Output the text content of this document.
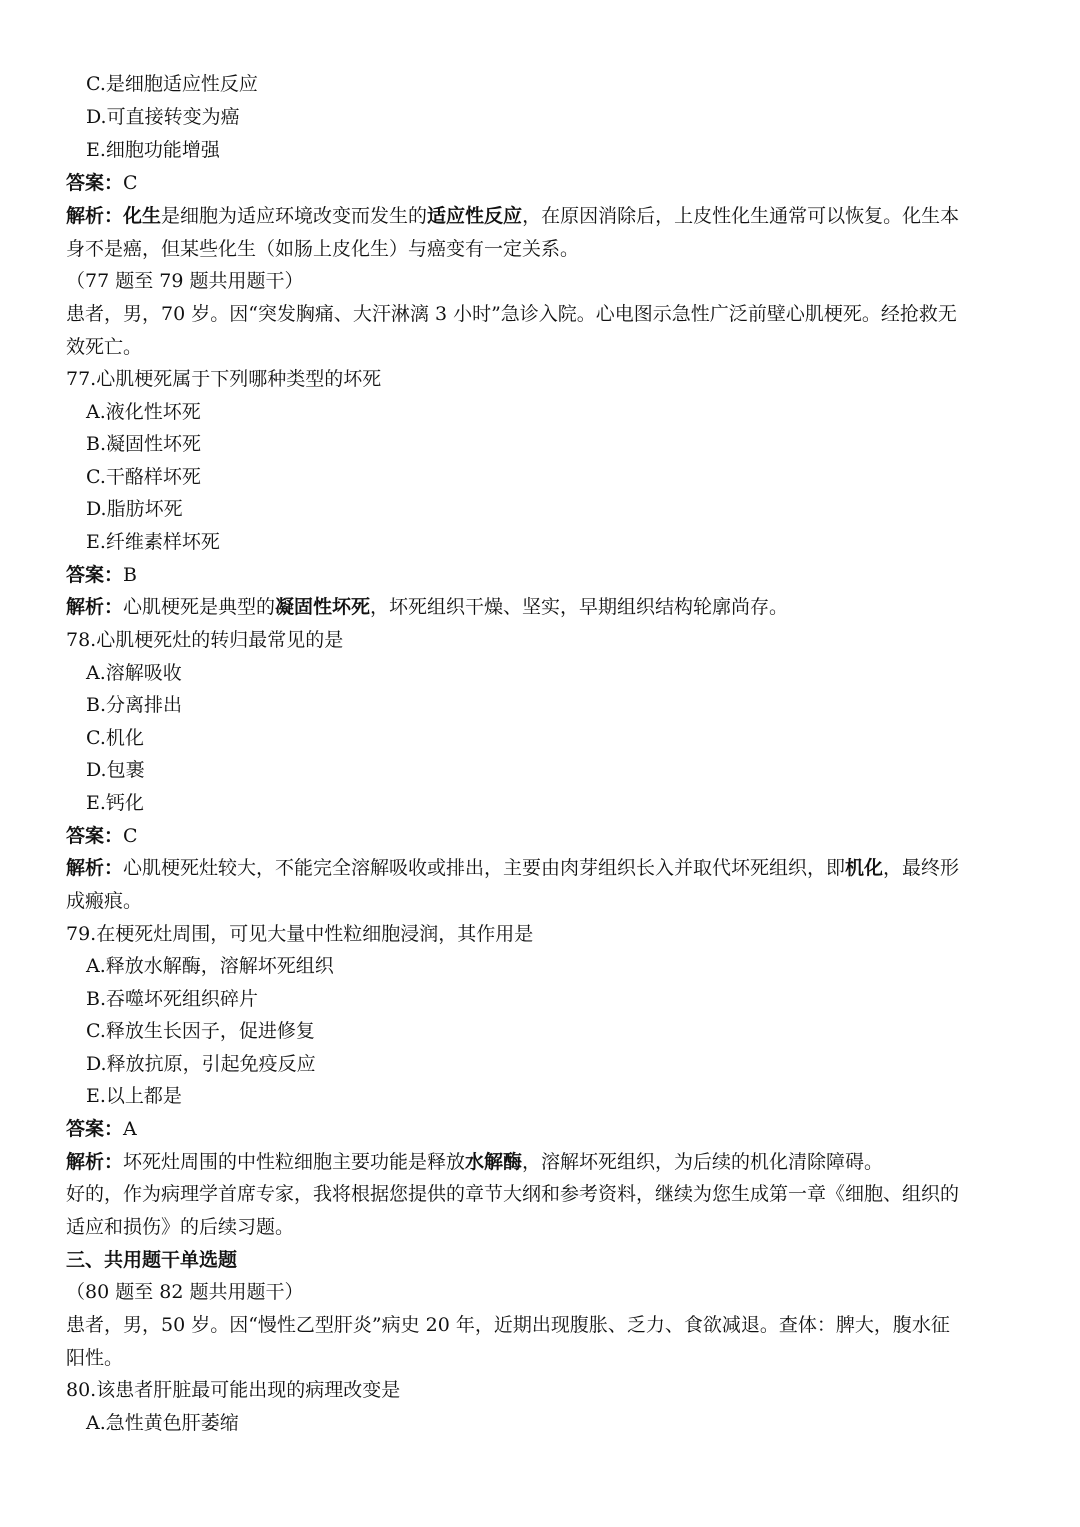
C.是细胞适应性反应
D.可直接转变为癌
E.细胞功能增强
答案：C
解析：化生是细胞为适应环境改变而发生的适应性反应，在原因消除后，上皮性化生通常可以恢复。化生本
身不是癌，但某些化生（如肠上皮化生）与癌变有一定关系。
（77 题至 79 题共用题干）
患者，男，70 岁。因“突发胸痛、大汗淋漓 3 小时”急诊入院。心电图示急性广泛前壁心肌梗死。经抢救无
效死亡。
77.心肌梗死属于下列哪种类型的坏死
A.液化性坏死
B.凝固性坏死
C.干酪样坏死
D.脂肪坏死
E.纤维素样坏死
答案：B
解析：心肌梗死是典型的凝固性坏死，坏死组织干燥、坚实，早期组织结构轮廓尚存。
78.心肌梗死灶的转归最常见的是
A.溶解吸收
B.分离排出
C.机化
D.包裹
E.钙化
答案：C
解析：心肌梗死灶较大，不能完全溶解吸收或排出，主要由肉芽组织长入并取代坏死组织，即机化，最终形
成瘢痕。
79.在梗死灶周围，可见大量中性粒细胞浸润，其作用是
A.释放水解酶，溶解坏死组织
B.吞噬坏死组织碎片
C.释放生长因子，促进修复
D.释放抗原，引起免疫反应
E.以上都是
答案：A
解析：坏死灶周围的中性粒细胞主要功能是释放水解酶，溶解坏死组织，为后续的机化清除障碍。
好的，作为病理学首席专家，我将根据您提供的章节大纲和参考资料，继续为您生成第一章《细胞、组织的
适应和损伤》的后续习题。
三、共用题干单选题
（80 题至 82 题共用题干）
患者，男，50 岁。因“慢性乙型肝炎”病史 20 年，近期出现腹胀、乏力、食欲减退。查体：脾大，腹水征
阳性。
80.该患者肝脏最可能出现的病理改变是
A.急性黄色肝萎缩
